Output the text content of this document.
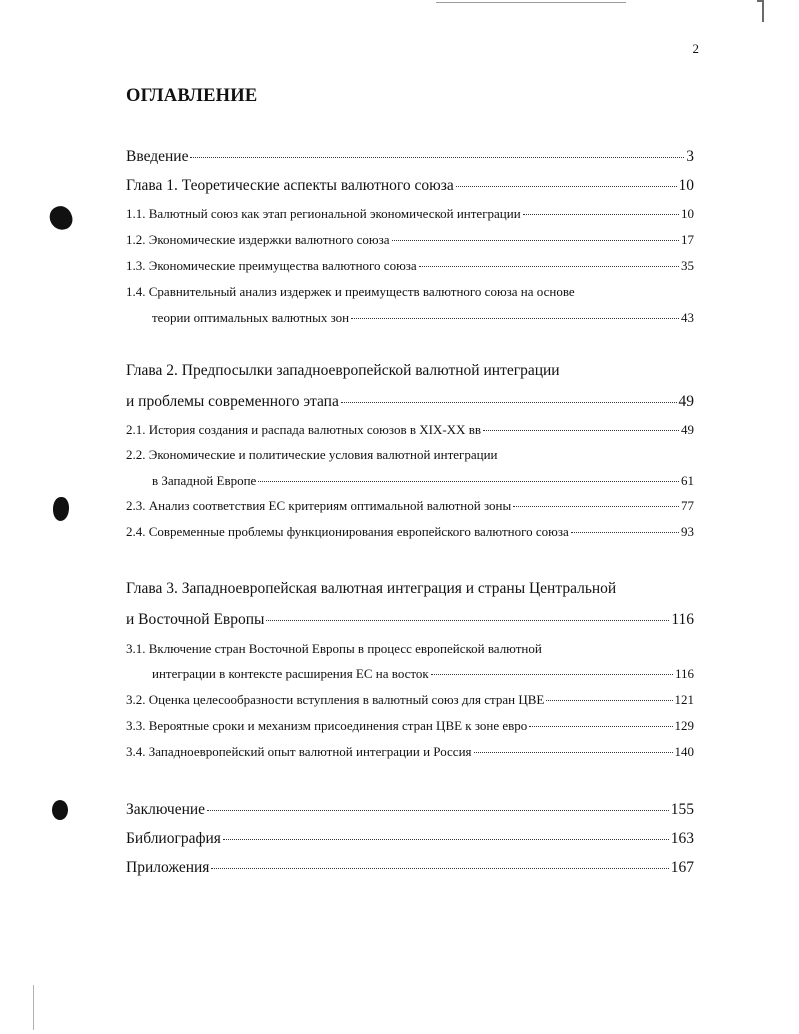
2
ОГЛАВЛЕНИЕ
Введение	3
Глава 1. Теоретические аспекты валютного союза	10
1.1. Валютный союз как этап региональной экономической интеграции	10
1.2. Экономические издержки валютного союза	17
1.3. Экономические преимущества валютного союза	35
1.4. Сравнительный анализ издержек и преимуществ валютного союза на основе
теории оптимальных валютных зон	43
Глава 2. Предпосылки западноевропейской валютной интеграции
и проблемы современного этапа	49
2.1. История создания и распада валютных союзов в XIX-XX вв	49
2.2. Экономические и политические условия валютной интеграции
в Западной Европе	61
2.3. Анализ соответствия ЕС критериям оптимальной валютной зоны	77
2.4. Современные проблемы функционирования европейского валютного союза	93
Глава 3. Западноевропейская валютная интеграция и страны Центральной
и Восточной Европы	116
3.1. Включение стран Восточной Европы в процесс европейской валютной
интеграции в контексте расширения ЕС на восток	116
3.2. Оценка целесообразности вступления в валютный союз для стран ЦВЕ	121
3.3. Вероятные сроки и механизм присоединения стран ЦВЕ к зоне евро	129
3.4. Западноевропейский опыт валютной интеграции и Россия	140
Заключение	155
Библиография	163
Приложения	167
